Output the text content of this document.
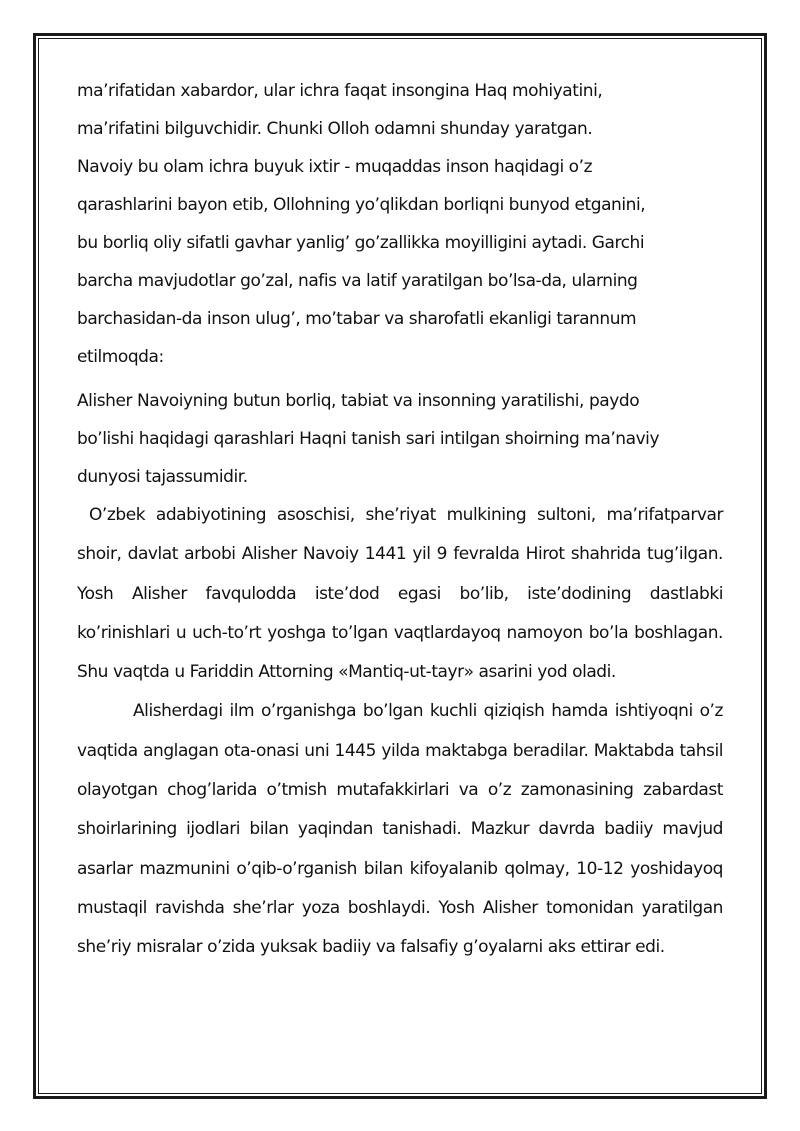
ma’rifatidan xabardor, ular ichra faqat insongina Haq mohiyatini,
ma’rifatini bilguvchidir. Chunki Olloh odamni shunday yaratgan.
Navoiy bu olam ichra buyuk ixtir - muqaddas inson haqidagi o’z
qarashlarini bayon etib, Ollohning yo’qlikdan borliqni bunyod etganini,
bu borliq oliy sifatli gavhar yanlig’ go’zallikka moyilligini aytadi. Garchi
barcha mavjudotlar go’zal, nafis va latif yaratilgan bo’lsa-da, ularning
barchasidan-da inson ulug’, mo’tabar va sharofatli ekanligi tarannum
etilmoqda:

Alisher Navoiyning butun borliq, tabiat va insonning yaratilishi, paydo
bo’lishi haqidagi qarashlari Haqni tanish sari intilgan shoirning ma’naviy
dunyosi tajassumidir.

O’zbek adabiyotining asoschisi, she’riyat mulkining sultoni, ma’rifatparvar shoir, davlat arbobi Alisher Navoiy 1441 yil 9 fevralda Hirot shahrida tug’ilgan. Yosh Alisher favqulodda iste’dod egasi bo’lib, iste’dodining dastlabki ko’rinishlari u uch-to’rt yoshga to’lgan vaqtlardayoq namoyon bo’la boshlagan. Shu vaqtda u Fariddin Attorning «Mantiq-ut-tayr» asarini yod oladi.

Alisherdagi ilm o’rganishga bo’lgan kuchli qiziqish hamda ishtiyoqni o’z vaqtida anglagan ota-onasi uni 1445 yilda maktabga beradilar. Maktabda tahsil olayotgan chog’larida o’tmish mutafakkirlari va o’z zamonasining zabardast shoirlarining ijodlari bilan yaqindan tanishadi. Mazkur davrda badiiy mavjud asarlar mazmunini o’qib-o’rganish bilan kifoyalanib qolmay, 10-12 yoshidayoq mustaqil ravishda she’rlar yoza boshlaydi. Yosh Alisher tomonidan yaratilgan she’riy misralar o’zida yuksak badiiy va falsafiy g’oyalarni aks ettirar edi.
